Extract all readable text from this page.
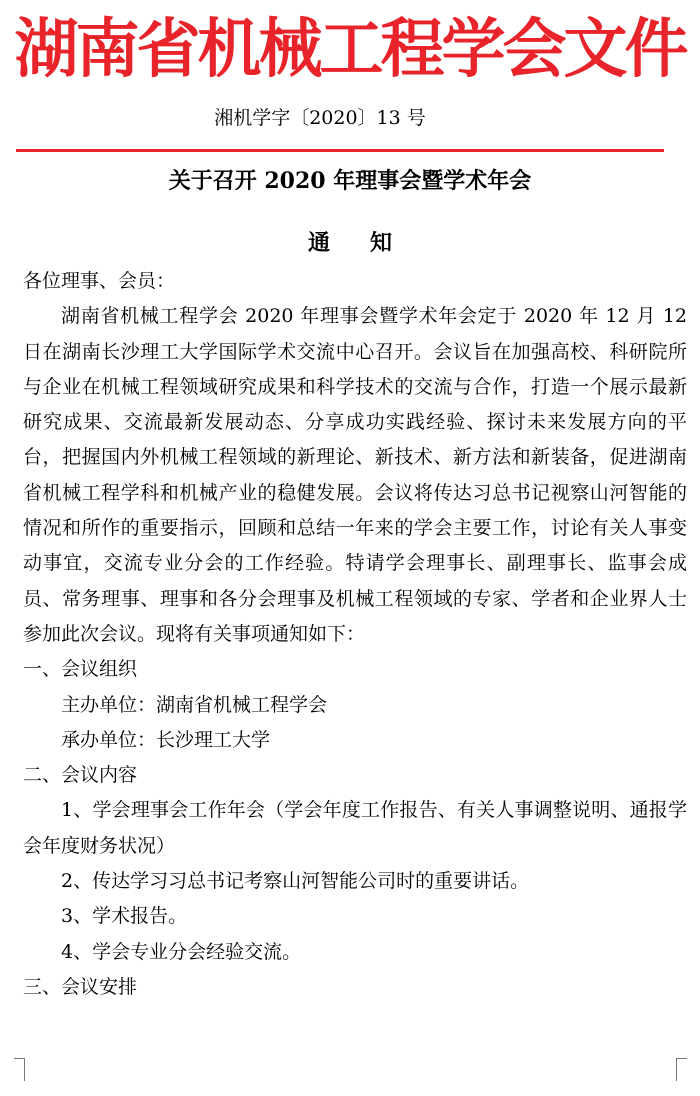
湖南省机械工程学会文件
湘机学字〔2020〕13 号
关于召开 2020 年理事会暨学术年会
通知

各位理事、会员：

湖南省机械工程学会 2020 年理事会暨学术年会定于 2020 年 12 月 12 日在湖南长沙理工大学国际学术交流中心召开。会议旨在加强高校、科研院所与企业在机械工程领域研究成果和科学技术的交流与合作，打造一个展示最新研究成果、交流最新发展动态、分享成功实践经验、探讨未来发展方向的平台，把握国内外机械工程领域的新理论、新技术、新方法和新装备，促进湖南省机械工程学科和机械产业的稳健发展。会议将传达习总书记视察山河智能的情况和所作的重要指示，回顾和总结一年来的学会主要工作，讨论有关人事变动事宜，交流专业分会的工作经验。特请学会理事长、副理事长、监事会成员、常务理事、理事和各分会理事及机械工程领域的专家、学者和企业界人士参加此次会议。现将有关事项通知如下：

一、会议组织

主办单位：湖南省机械工程学会

承办单位：长沙理工大学

二、会议内容

1、学会理事会工作年会（学会年度工作报告、有关人事调整说明、通报学会年度财务状况）

2、传达学习习总书记考察山河智能公司时的重要讲话。

3、学术报告。

4、学会专业分会经验交流。

三、会议安排
